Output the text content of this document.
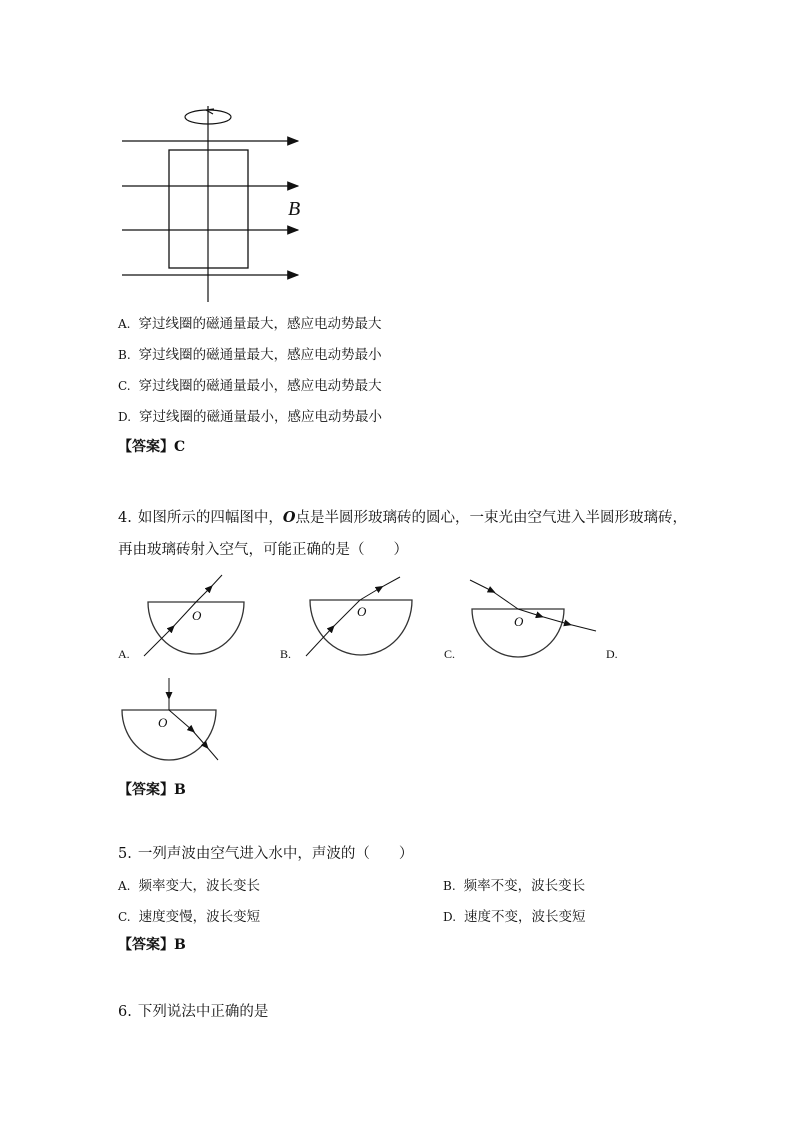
B
A. 穿过线圈的磁通量最大，感应电动势最大
B. 穿过线圈的磁通量最大，感应电动势最小
C. 穿过线圈的磁通量最小，感应电动势最大
D. 穿过线圈的磁通量最小，感应电动势最小
【答案】C
4. 如图所示的四幅图中，O点是半圆形玻璃砖的圆心，一束光由空气进入半圆形玻璃砖，
再由玻璃砖射入空气，可能正确的是（　　）
O
A.
O
B.
O
C.	D.
O
【答案】B
5. 一列声波由空气进入水中，声波的（　　）
A. 频率变大，波长变长	B. 频率不变，波长变长
C. 速度变慢，波长变短	D. 速度不变，波长变短
【答案】B
6. 下列说法中正确的是
